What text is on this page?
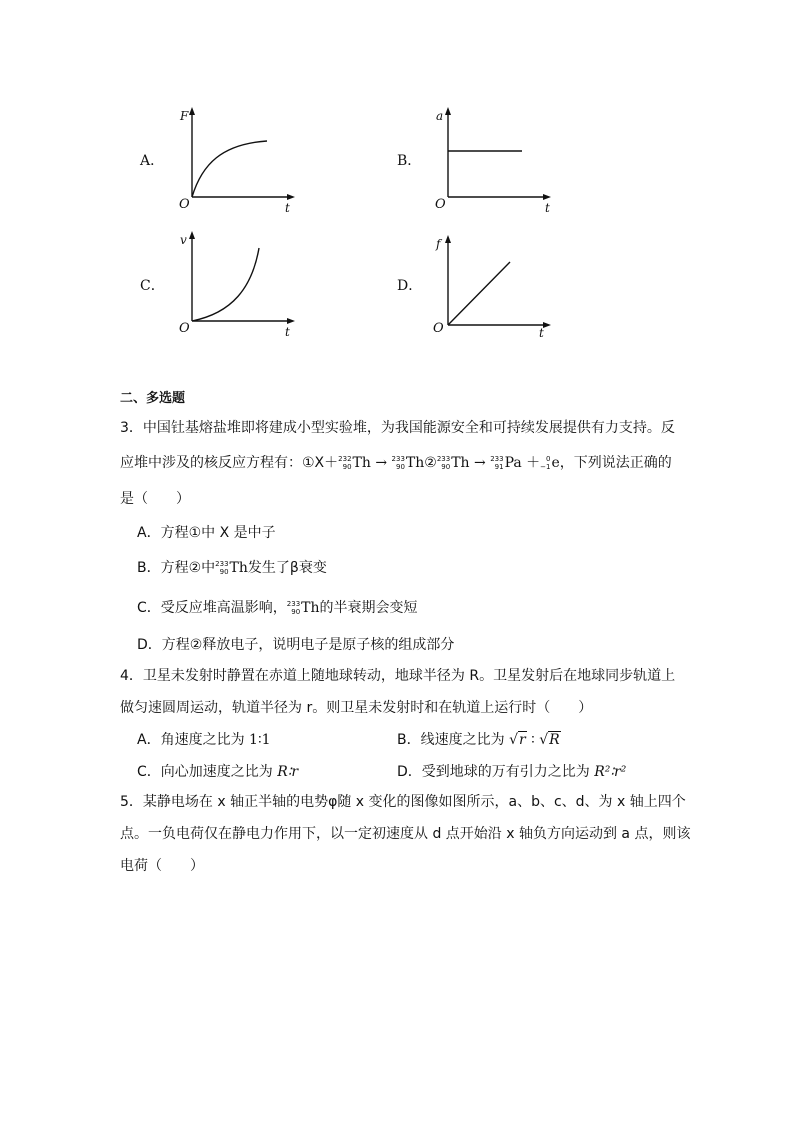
A．
F
t
O
B．
a
t
O
C．
v
t
O
D．
f
t
O
二、多选题
3．中国钍基熔盐堆即将建成小型实验堆，为我国能源安全和可持续发展提供有力支持。反
应堆中涉及的核反应方程有：①X＋ 232
90 Th → 233
90 Th② 233
90 Th → 233
91 Pa ＋ 0
−1 e，下列说法正确的
是（　　）
A．方程①中 X 是中子
B．方程②中 233
90 Th发生了β衰变
C．受反应堆高温影响， 233
90 Th的半衰期会变短
D．方程②释放电子，说明电子是原子核的组成部分
4．卫星未发射时静置在赤道上随地球转动，地球半径为 R。卫星发射后在地球同步轨道上
做匀速圆周运动，轨道半径为 r。则卫星未发射时和在轨道上运行时（　　）
A．角速度之比为 1∶1	B．线速度之比为 √r ∶ √R
C．向心加速度之比为 R∶r	D．受到地球的万有引力之比为 R²∶r²
5．某静电场在 x 轴正半轴的电势φ随 x 变化的图像如图所示，a、b、c、d、为 x 轴上四个
点。一负电荷仅在静电力作用下，以一定初速度从 d 点开始沿 x 轴负方向运动到 a 点，则该
电荷（　　）
